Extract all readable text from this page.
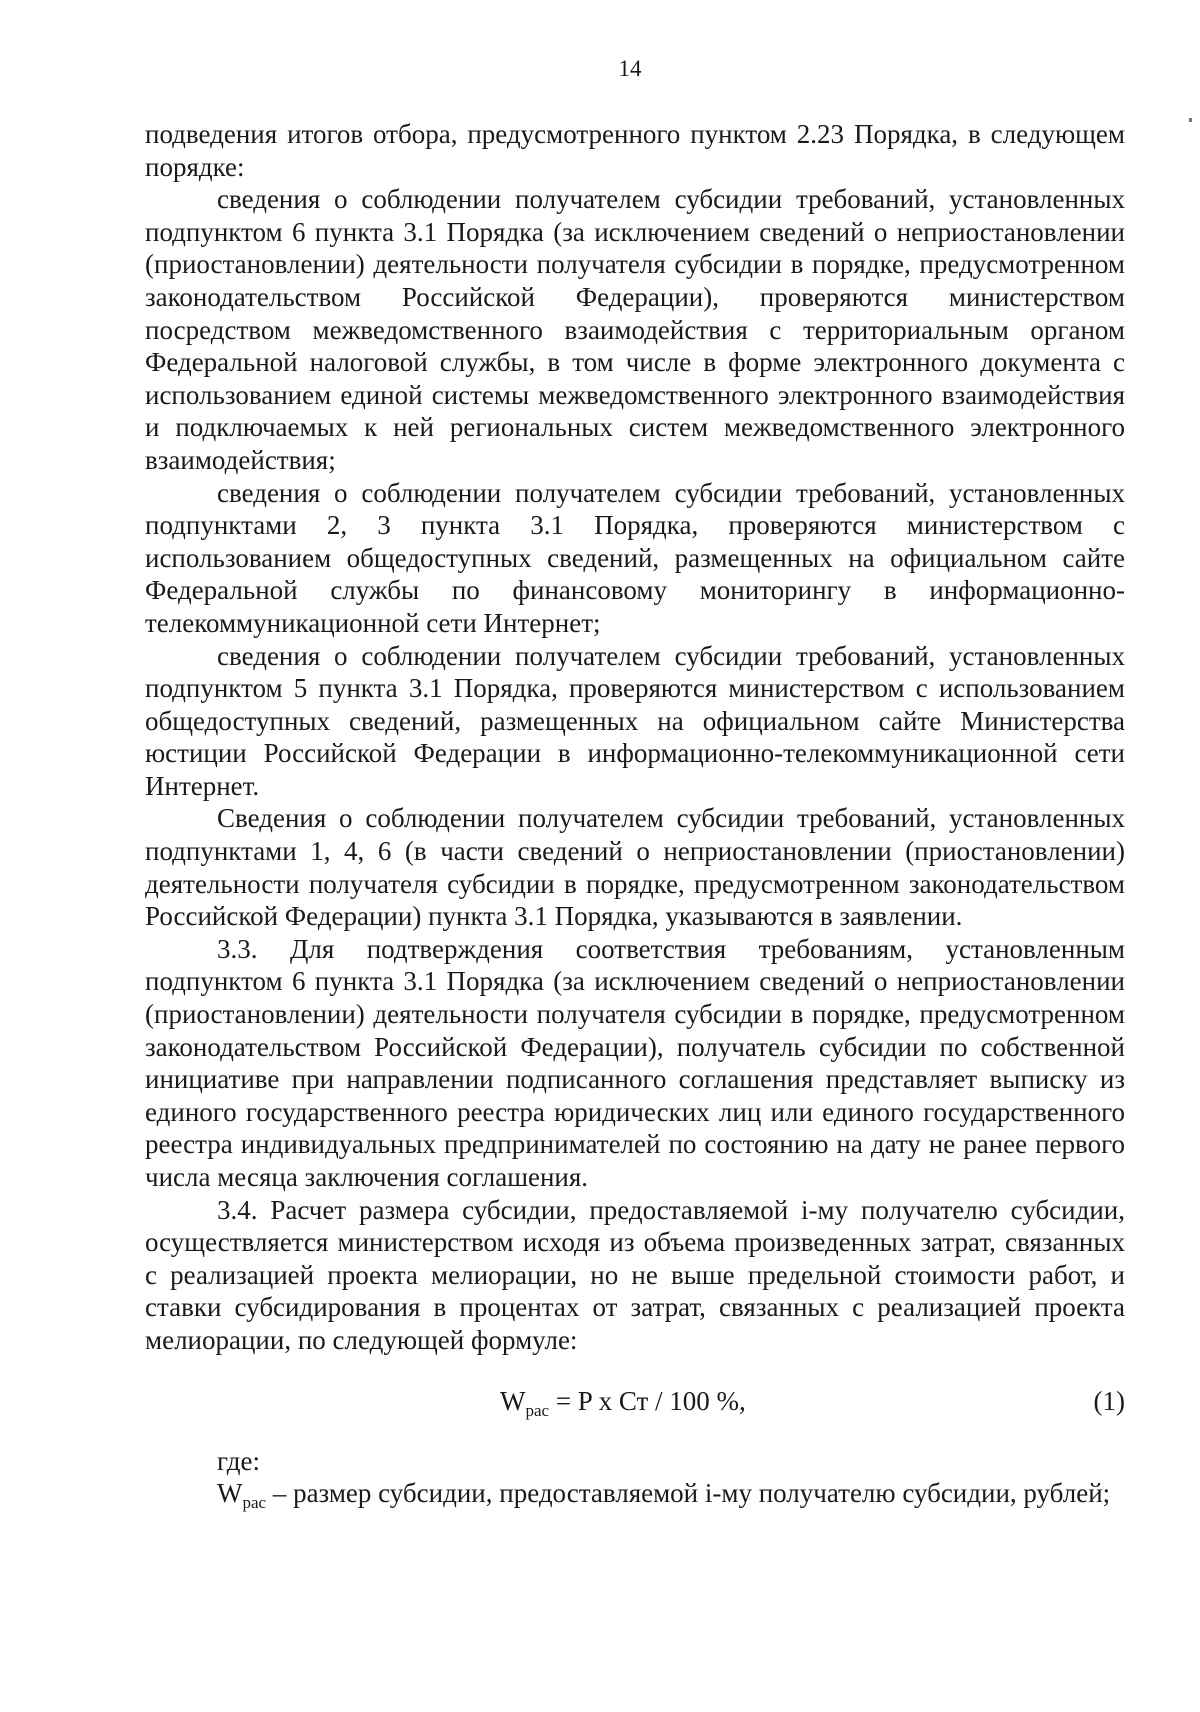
14

подведения итогов отбора, предусмотренного пунктом 2.23 Порядка, в следующем порядке:

сведения о соблюдении получателем субсидии требований, установленных подпунктом 6 пункта 3.1 Порядка (за исключением сведений о неприостановлении (приостановлении) деятельности получателя субсидии в порядке, предусмотренном законодательством Российской Федерации), проверяются министерством посредством межведомственного взаимодействия с территориальным органом Федеральной налоговой службы, в том числе в форме электронного документа с использованием единой системы межведомственного электронного взаимодействия и подключаемых к ней региональных систем межведомственного электронного взаимодействия;

сведения о соблюдении получателем субсидии требований, установленных подпунктами 2, 3 пункта 3.1 Порядка, проверяются министерством с использованием общедоступных сведений, размещенных на официальном сайте Федеральной службы по финансовому мониторингу в информационно-телекоммуникационной сети Интернет;

сведения о соблюдении получателем субсидии требований, установленных подпунктом 5 пункта 3.1 Порядка, проверяются министерством с использованием общедоступных сведений, размещенных на официальном сайте Министерства юстиции Российской Федерации в информационно-телекоммуникационной сети Интернет.

Сведения о соблюдении получателем субсидии требований, установленных подпунктами 1, 4, 6 (в части сведений о неприостановлении (приостановлении) деятельности получателя субсидии в порядке, предусмотренном законодательством Российской Федерации) пункта 3.1 Порядка, указываются в заявлении.

3.3. Для подтверждения соответствия требованиям, установленным подпунктом 6 пункта 3.1 Порядка (за исключением сведений о неприостановлении (приостановлении) деятельности получателя субсидии в порядке, предусмотренном законодательством Российской Федерации), получатель субсидии по собственной инициативе при направлении подписанного соглашения представляет выписку из единого государственного реестра юридических лиц или единого государственного реестра индивидуальных предпринимателей по состоянию на дату не ранее первого числа месяца заключения соглашения.

3.4. Расчет размера субсидии, предоставляемой i-му получателю субсидии, осуществляется министерством исходя из объема произведенных затрат, связанных с реализацией проекта мелиорации, но не выше предельной стоимости работ, и ставки субсидирования в процентах от затрат, связанных с реализацией проекта мелиорации, по следующей формуле:

$W_{рас} = P$ x Ст / 100 %,	(1)

где:

$W_{рас}$ – размер субсидии, предоставляемой i-му получателю субсидии, рублей;
